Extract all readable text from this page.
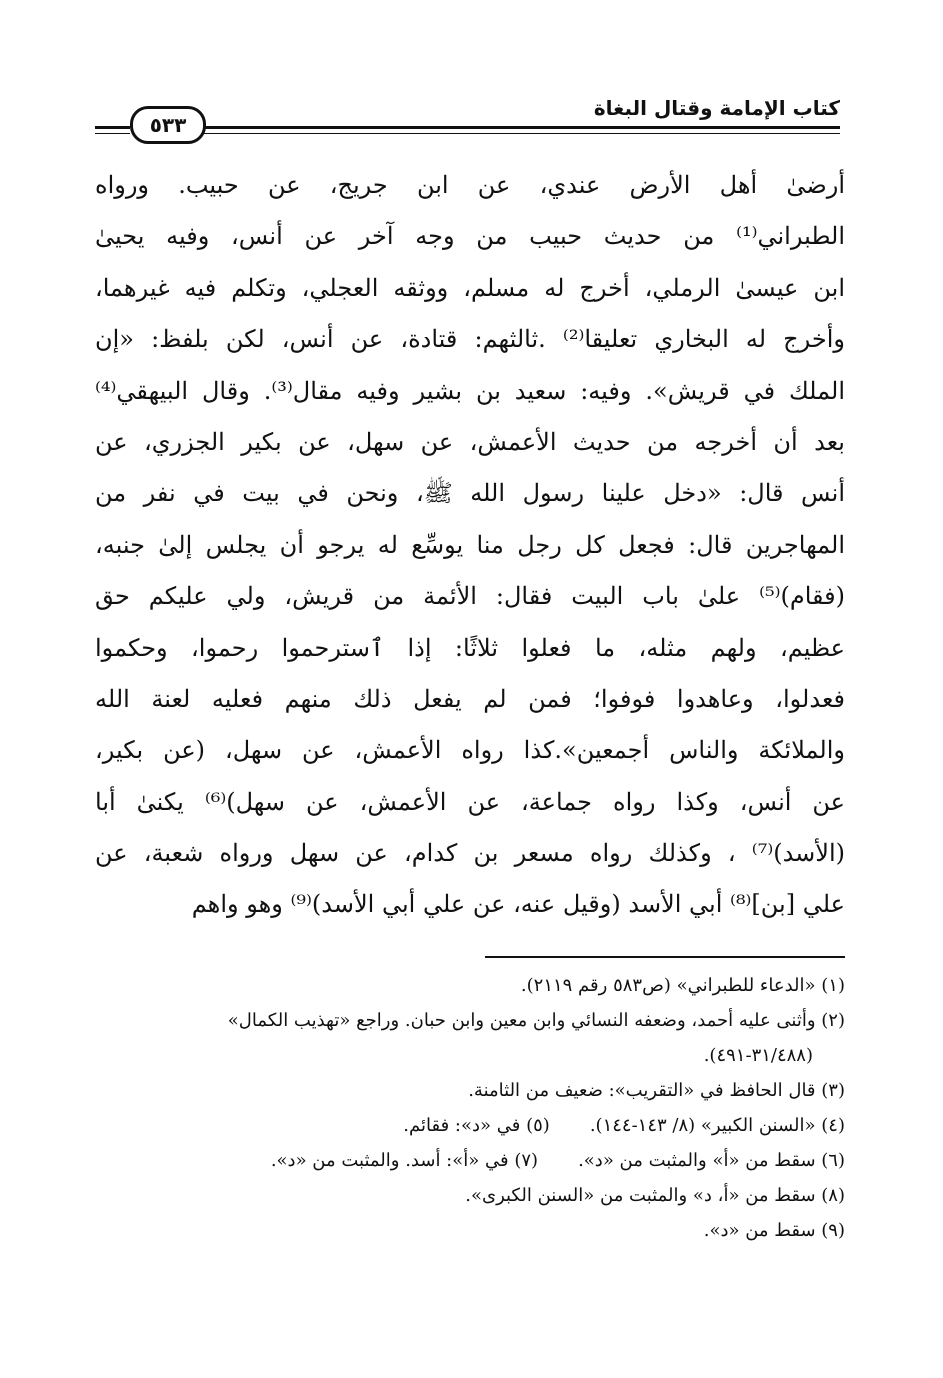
كتاب الإمامة وقتال البغاة
٥٣٣
أرضىٰ أهل الأرض عندي، عن ابن جريج، عن حبيب. ورواه
الطبراني⁽¹⁾ من حديث حبيب من وجه آخر عن أنس، وفيه يحيىٰ
ابن عيسىٰ الرملي، أخرج له مسلم، ووثقه العجلي، وتكلم فيه غيرهما،
وأخرج له البخاري تعليقا⁽²⁾ .ثالثهم: قتادة، عن أنس، لكن بلفظ: «إن
الملك في قريش». وفيه: سعيد بن بشير وفيه مقال⁽³⁾. وقال البيهقي⁽⁴⁾
بعد أن أخرجه من حديث الأعمش، عن سهل، عن بكير الجزري، عن
أنس قال: «دخل علينا رسول الله ﷺ، ونحن في بيت في نفر من
المهاجرين قال: فجعل كل رجل منا يوسِّع له يرجو أن يجلس إلىٰ جنبه،
(فقام)⁽⁵⁾ علىٰ باب البيت فقال: الأئمة من قريش، ولي عليكم حق
عظيم، ولهم مثله، ما فعلوا ثلاثًا: إذا ٱسترحموا رحموا، وحكموا
فعدلوا، وعاهدوا فوفوا؛ فمن لم يفعل ذلك منهم فعليه لعنة الله
والملائكة والناس أجمعين».كذا رواه الأعمش، عن سهل، (عن بكير،
عن أنس، وكذا رواه جماعة، عن الأعمش، عن سهل)⁽⁶⁾ يكنىٰ أبا
(الأسد)⁽⁷⁾ ، وكذلك رواه مسعر بن كدام، عن سهل ورواه شعبة، عن
علي [بن]⁽⁸⁾ أبي الأسد (وقيل عنه، عن علي أبي الأسد)⁽⁹⁾ وهو واهم
(١) «الدعاء للطبراني» (ص٥٨٣ رقم ٢١١٩).
(٢) وأثنى عليه أحمد، وضعفه النسائي وابن معين وابن حبان. وراجع «تهذيب الكمال»
(٣١/٤٨٨-٤٩١).
(٣) قال الحافظ في «التقريب»: ضعيف من الثامنة.
(٤) «السنن الكبير» (٨/ ١٤٣-١٤٤).(٥) في «د»: فقائم.
(٦) سقط من «أ» والمثبت من «د».(٧) في «أ»: أسد. والمثبت من «د».
(٨) سقط من «أ، د» والمثبت من «السنن الكبرى».
(٩) سقط من «د».
